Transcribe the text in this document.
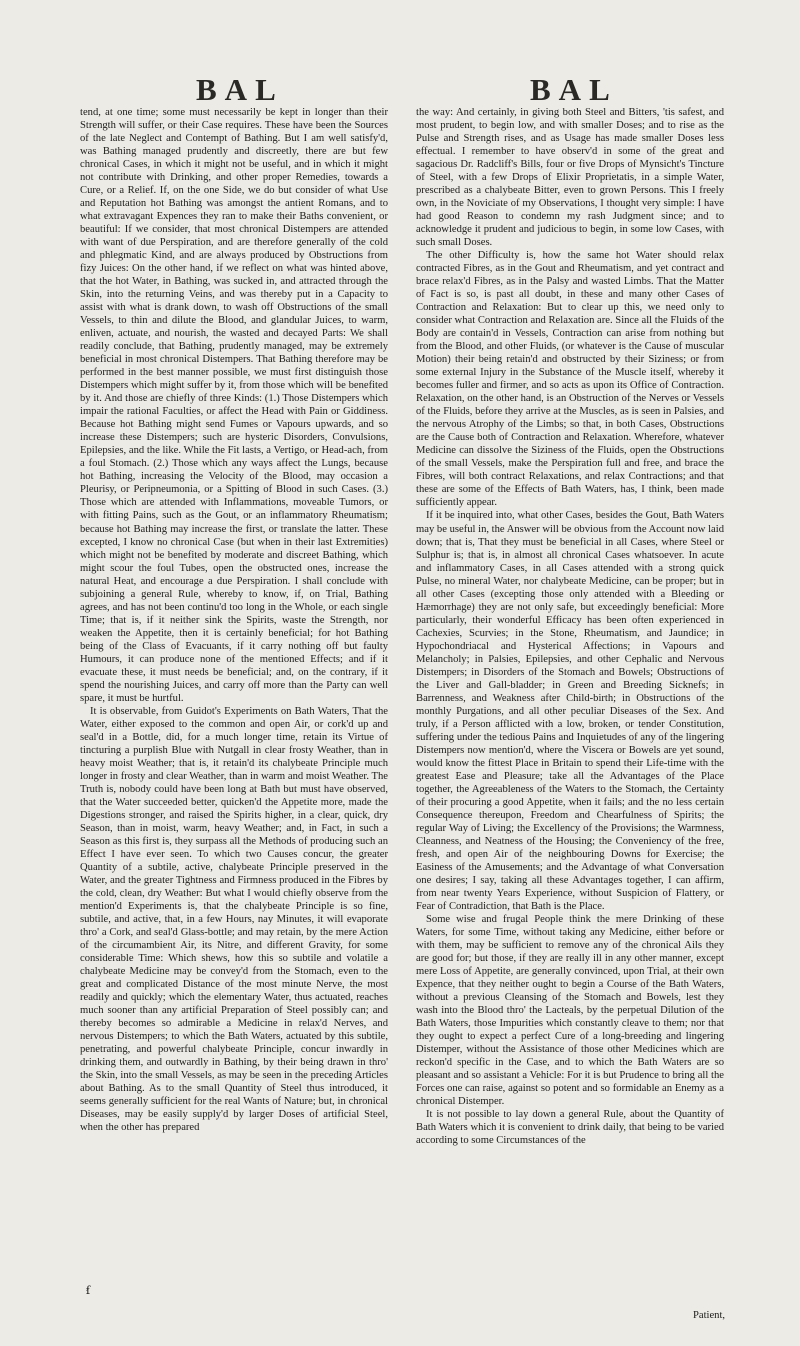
BAL	BAL

tend, at one time; some must necessarily be kept in longer than their Strength will suffer, or their Case requires. These have been the Sources of the late Neglect and Contempt of Bathing. But I am well satisfy'd, was Bathing managed prudently and discreetly, there are but few chronical Cases, in which it might not be useful, and in which it might not contribute with Drinking, and other proper Remedies, towards a Cure, or a Relief. If, on the one Side, we do but consider of what Use and Reputation hot Bathing was amongst the antient Romans, and to what extravagant Expences they ran to make their Baths convenient, or beautiful: If we consider, that most chronical Distempers are attended with want of due Perspiration, and are therefore generally of the cold and phlegmatic Kind, and are always produced by Obstructions from fizy Juices: On the other hand, if we reflect on what was hinted above, that the hot Water, in Bathing, was sucked in, and attracted through the Skin, into the returning Veins, and was thereby put in a Capacity to assist with what is drank down, to wash off Obstructions of the small Vessels, to thin and dilute the Blood, and glandular Juices, to warm, enliven, actuate, and nourish, the wasted and decayed Parts: We shall readily conclude, that Bathing, prudently managed, may be extremely beneficial in most chronical Distempers. That Bathing therefore may be performed in the best manner possible, we must first distinguish those Distempers which might suffer by it, from those which will be benefited by it. And those are chiefly of three Kinds: (1.) Those Distempers which impair the rational Faculties, or affect the Head with Pain or Giddiness. Because hot Bathing might send Fumes or Vapours upwards, and so increase these Distempers; such are hysteric Disorders, Convulsions, Epilepsies, and the like. While the Fit lasts, a Vertigo, or Head-ach, from a foul Stomach. (2.) Those which any ways affect the Lungs, because hot Bathing, increasing the Velocity of the Blood, may occasion a Pleurisy, or Peripneumonia, or a Spitting of Blood in such Cases. (3.) Those which are attended with Inflammations, moveable Tumors, or with fitting Pains, such as the Gout, or an inflammatory Rheumatism; because hot Bathing may increase the first, or translate the latter. These excepted, I know no chronical Case (but when in their last Extremities) which might not be benefited by moderate and discreet Bathing, which might scour the foul Tubes, open the obstructed ones, increase the natural Heat, and encourage a due Perspiration. I shall conclude with subjoining a general Rule, whereby to know, if, on Trial, Bathing agrees, and has not been continu'd too long in the Whole, or each single Time; that is, if it neither sink the Spirits, waste the Strength, nor weaken the Appetite, then it is certainly beneficial; for hot Bathing being of the Class of Evacuants, if it carry nothing off but faulty Humours, it can produce none of the mentioned Effects; and if it evacuate these, it must needs be beneficial; and, on the contrary, if it spend the nourishing Juices, and carry off more than the Party can well spare, it must be hurtful.

It is observable, from Guidot's Experiments on Bath Waters, That the Water, either exposed to the common and open Air, or cork'd up and seal'd in a Bottle, did, for a much longer time, retain its Virtue of tincturing a purplish Blue with Nutgall in clear frosty Weather, than in heavy moist Weather; that is, it retain'd its chalybeate Principle much longer in frosty and clear Weather, than in warm and moist Weather. The Truth is, nobody could have been long at Bath but must have observed, that the Water succeeded better, quicken'd the Appetite more, made the Digestions stronger, and raised the Spirits higher, in a clear, quick, dry Season, than in moist, warm, heavy Weather; and, in Fact, in such a Season as this first is, they surpass all the Methods of producing such an Effect I have ever seen. To which two Causes concur, the greater Quantity of a subtile, active, chalybeate Principle preserved in the Water, and the greater Tightness and Firmness produced in the Fibres by the cold, clean, dry Weather: But what I would chiefly observe from the mention'd Experiments is, that the chalybeate Principle is so fine, subtile, and active, that, in a few Hours, nay Minutes, it will evaporate thro' a Cork, and seal'd Glass-bottle; and may retain, by the mere Action of the circumambient Air, its Nitre, and different Gravity, for some considerable Time: Which shews, how this so subtile and volatile a chalybeate Medicine may be convey'd from the Stomach, even to the great and complicated Distance of the most minute Nerve, the most readily and quickly; which the elementary Water, thus actuated, reaches much sooner than any artificial Preparation of Steel possibly can; and thereby becomes so admirable a Medicine in relax'd Nerves, and nervous Distempers; to which the Bath Waters, actuated by this subtile, penetrating, and powerful chalybeate Principle, concur inwardly in drinking them, and outwardly in Bathing, by their being drawn in thro' the Skin, into the small Vessels, as may be seen in the preceding Articles about Bathing. As to the small Quantity of Steel thus introduced, it seems generally sufficient for the real Wants of Nature; but, in chronical Diseases, may be easily supply'd by larger Doses of artificial Steel, when the other has prepared

the way: And certainly, in giving both Steel and Bitters, 'tis safest, and most prudent, to begin low, and with smaller Doses; and to rise as the Pulse and Strength rises, and as Usage has made smaller Doses less effectual. I remember to have observ'd in some of the great and sagacious Dr. Radcliff's Bills, four or five Drops of Mynsicht's Tincture of Steel, with a few Drops of Elixir Proprietatis, in a simple Water, prescribed as a chalybeate Bitter, even to grown Persons. This I freely own, in the Noviciate of my Observations, I thought very simple: I have had good Reason to condemn my rash Judgment since; and to acknowledge it prudent and judicious to begin, in some low Cases, with such small Doses.

The other Difficulty is, how the same hot Water should relax contracted Fibres, as in the Gout and Rheumatism, and yet contract and brace relax'd Fibres, as in the Palsy and wasted Limbs. That the Matter of Fact is so, is past all doubt, in these and many other Cases of Contraction and Relaxation: But to clear up this, we need only to consider what Contraction and Relaxation are. Since all the Fluids of the Body are contain'd in Vessels, Contraction can arise from nothing but from the Blood, and other Fluids, (or whatever is the Cause of muscular Motion) their being retain'd and obstructed by their Siziness; or from some external Injury in the Substance of the Muscle itself, whereby it becomes fuller and firmer, and so acts as upon its Office of Contraction. Relaxation, on the other hand, is an Obstruction of the Nerves or Vessels of the Fluids, before they arrive at the Muscles, as is seen in Palsies, and the nervous Atrophy of the Limbs; so that, in both Cases, Obstructions are the Cause both of Contraction and Relaxation. Wherefore, whatever Medicine can dissolve the Siziness of the Fluids, open the Obstructions of the small Vessels, make the Perspiration full and free, and brace the Fibres, will both contract Relaxations, and relax Contractions; and that these are some of the Effects of Bath Waters, has, I think, been made sufficiently appear.

If it be inquired into, what other Cases, besides the Gout, Bath Waters may be useful in, the Answer will be obvious from the Account now laid down; that is, That they must be beneficial in all Cases, where Steel or Sulphur is; that is, in almost all chronical Cases whatsoever. In acute and inflammatory Cases, in all Cases attended with a strong quick Pulse, no mineral Water, nor chalybeate Medicine, can be proper; but in all other Cases (excepting those only attended with a Bleeding or Hæmorrhage) they are not only safe, but exceedingly beneficial: More particularly, their wonderful Efficacy has been often experienced in Cachexies, Scurvies; in the Stone, Rheumatism, and Jaundice; in Hypochondriacal and Hysterical Affections; in Vapours and Melancholy; in Palsies, Epilepsies, and other Cephalic and Nervous Distempers; in Disorders of the Stomach and Bowels; Obstructions of the Liver and Gall-bladder; in Green and Breeding Sicknefs; in Barrenness, and Weakness after Child-birth; in Obstructions of the monthly Purgations, and all other peculiar Diseases of the Sex. And truly, if a Person afflicted with a low, broken, or tender Constitution, suffering under the tedious Pains and Inquietudes of any of the lingering Distempers now mention'd, where the Viscera or Bowels are yet sound, would know the fittest Place in Britain to spend their Life-time with the greatest Ease and Pleasure; take all the Advantages of the Place together, the Agreeableness of the Waters to the Stomach, the Certainty of their procuring a good Appetite, when it fails; and the no less certain Consequence thereupon, Freedom and Chearfulness of Spirits; the regular Way of Living; the Excellency of the Provisions; the Warmness, Cleanness, and Neatness of the Housing; the Conveniency of the free, fresh, and open Air of the neighbouring Downs for Exercise; the Easiness of the Amusements; and the Advantage of what Conversation one desires; I say, taking all these Advantages together, I can affirm, from near twenty Years Experience, without Suspicion of Flattery, or Fear of Contradiction, that Bath is the Place.

Some wise and frugal People think the mere Drinking of these Waters, for some Time, without taking any Medicine, either before or with them, may be sufficient to remove any of the chronical Ails they are good for; but those, if they are really ill in any other manner, except mere Loss of Appetite, are generally convinced, upon Trial, at their own Expence, that they neither ought to begin a Course of the Bath Waters, without a previous Cleansing of the Stomach and Bowels, lest they wash into the Blood thro' the Lacteals, by the perpetual Dilution of the Bath Waters, those Impurities which constantly cleave to them; nor that they ought to expect a perfect Cure of a long-breeding and lingering Distemper, without the Assistance of those other Medicines which are reckon'd specific in the Case, and to which the Bath Waters are so pleasant and so assistant a Vehicle: For it is but Prudence to bring all the Forces one can raise, against so potent and so formidable an Enemy as a chronical Distemper.

It is not possible to lay down a general Rule, about the Quantity of Bath Waters which it is convenient to drink daily, that being to be varied according to some Circumstances of the

ẜ
Patient,
